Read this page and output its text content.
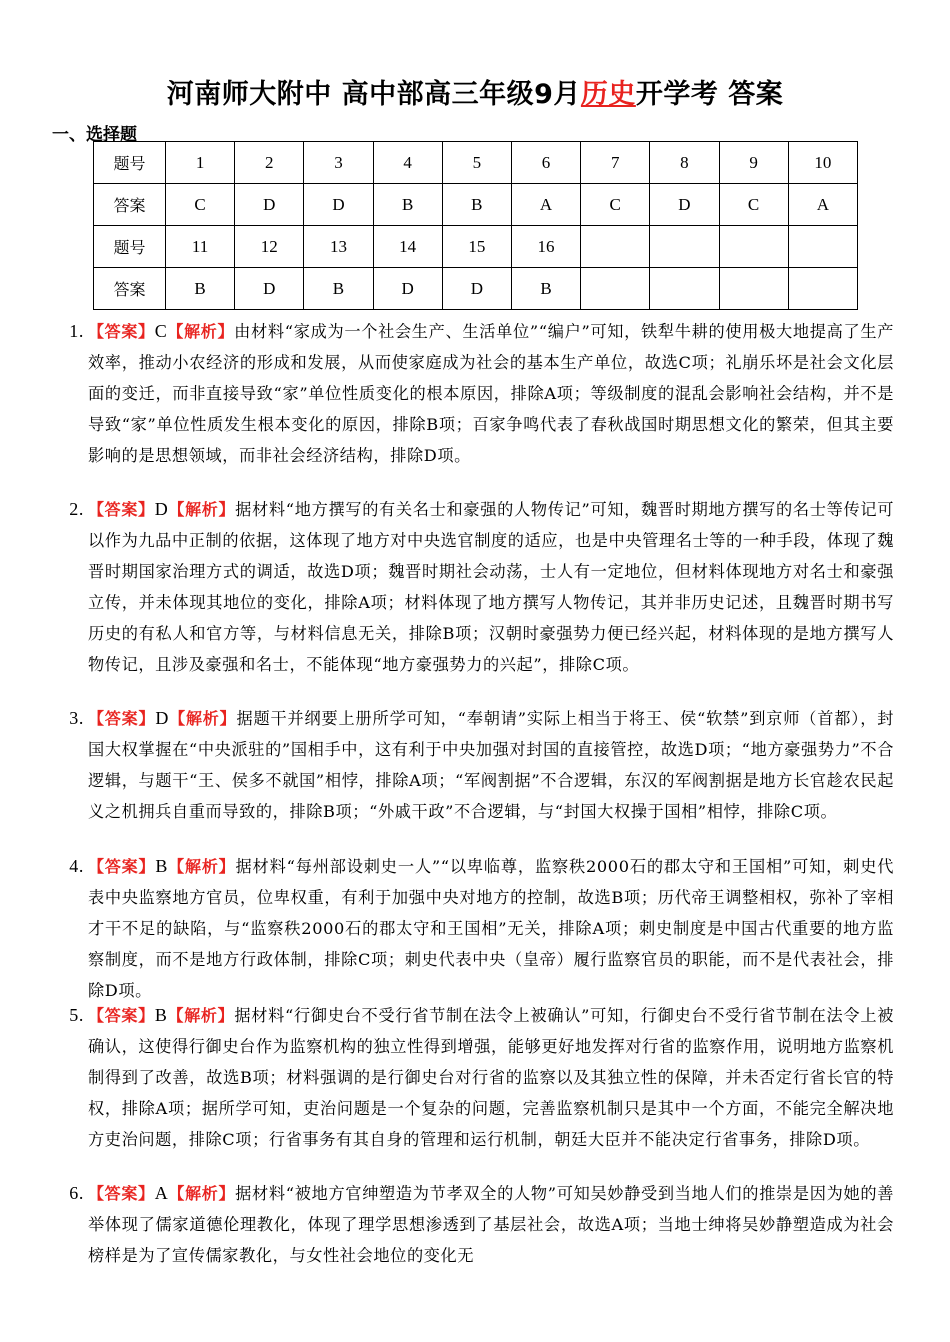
河南师大附中 高中部高三年级9月历史开学考 答案
一、选择题
题号	1	2	3	4	5	6	7	8	9	10
答案	C	D	D	B	B	A	C	D	C	A
题号	11	12	13	14	15	16				
答案	B	D	B	D	D	B				
1. 【答案】C【解析】由材料“家成为一个社会生产、生活单位”“编户”可知，铁犁牛耕的使用极大地提高了生产效率，推动小农经济的形成和发展，从而使家庭成为社会的基本生产单位，故选C项；礼崩乐坏是社会文化层面的变迁，而非直接导致“家”单位性质变化的根本原因，排除A项；等级制度的混乱会影响社会结构，并不是导致“家”单位性质发生根本变化的原因，排除B项；百家争鸣代表了春秋战国时期思想文化的繁荣，但其主要影响的是思想领域，而非社会经济结构，排除D项。
2. 【答案】D【解析】据材料“地方撰写的有关名士和豪强的人物传记”可知，魏晋时期地方撰写的名士等传记可以作为九品中正制的依据，这体现了地方对中央选官制度的适应，也是中央管理名士等的一种手段，体现了魏晋时期国家治理方式的调适，故选D项；魏晋时期社会动荡，士人有一定地位，但材料体现地方对名士和豪强立传，并未体现其地位的变化，排除A项；材料体现了地方撰写人物传记，其并非历史记述，且魏晋时期书写历史的有私人和官方等，与材料信息无关，排除B项；汉朝时豪强势力便已经兴起，材料体现的是地方撰写人物传记，且涉及豪强和名士，不能体现“地方豪强势力的兴起”，排除C项。
3. 【答案】D【解析】据题干并纲要上册所学可知，“奉朝请”实际上相当于将王、侯“软禁”到京师（首都），封国大权掌握在“中央派驻的”国相手中，这有利于中央加强对封国的直接管控，故选D项；“地方豪强势力”不合逻辑，与题干“王、侯多不就国”相悖，排除A项；“军阀割据”不合逻辑，东汉的军阀割据是地方长官趁农民起义之机拥兵自重而导致的，排除B项；“外戚干政”不合逻辑，与“封国大权操于国相”相悖，排除C项。
4. 【答案】B【解析】据材料“每州部设刺史一人”“以卑临尊，监察秩2000石的郡太守和王国相”可知，刺史代表中央监察地方官员，位卑权重，有利于加强中央对地方的控制，故选B项；历代帝王调整相权，弥补了宰相才干不足的缺陷，与“监察秩2000石的郡太守和王国相”无关，排除A项；刺史制度是中国古代重要的地方监察制度，而不是地方行政体制，排除C项；刺史代表中央（皇帝）履行监察官员的职能，而不是代表社会，排除D项。
5. 【答案】B【解析】据材料“行御史台不受行省节制在法令上被确认”可知，行御史台不受行省节制在法令上被确认，这使得行御史台作为监察机构的独立性得到增强，能够更好地发挥对行省的监察作用，说明地方监察机制得到了改善，故选B项；材料强调的是行御史台对行省的监察以及其独立性的保障，并未否定行省长官的特权，排除A项；据所学可知，吏治问题是一个复杂的问题，完善监察机制只是其中一个方面，不能完全解决地方吏治问题，排除C项；行省事务有其自身的管理和运行机制，朝廷大臣并不能决定行省事务，排除D项。
6. 【答案】A【解析】据材料“被地方官绅塑造为节孝双全的人物”可知吴妙静受到当地人们的推崇是因为她的善举体现了儒家道德伦理教化，体现了理学思想渗透到了基层社会，故选A项；当地士绅将吴妙静塑造成为社会榜样是为了宣传儒家教化，与女性社会地位的变化无
